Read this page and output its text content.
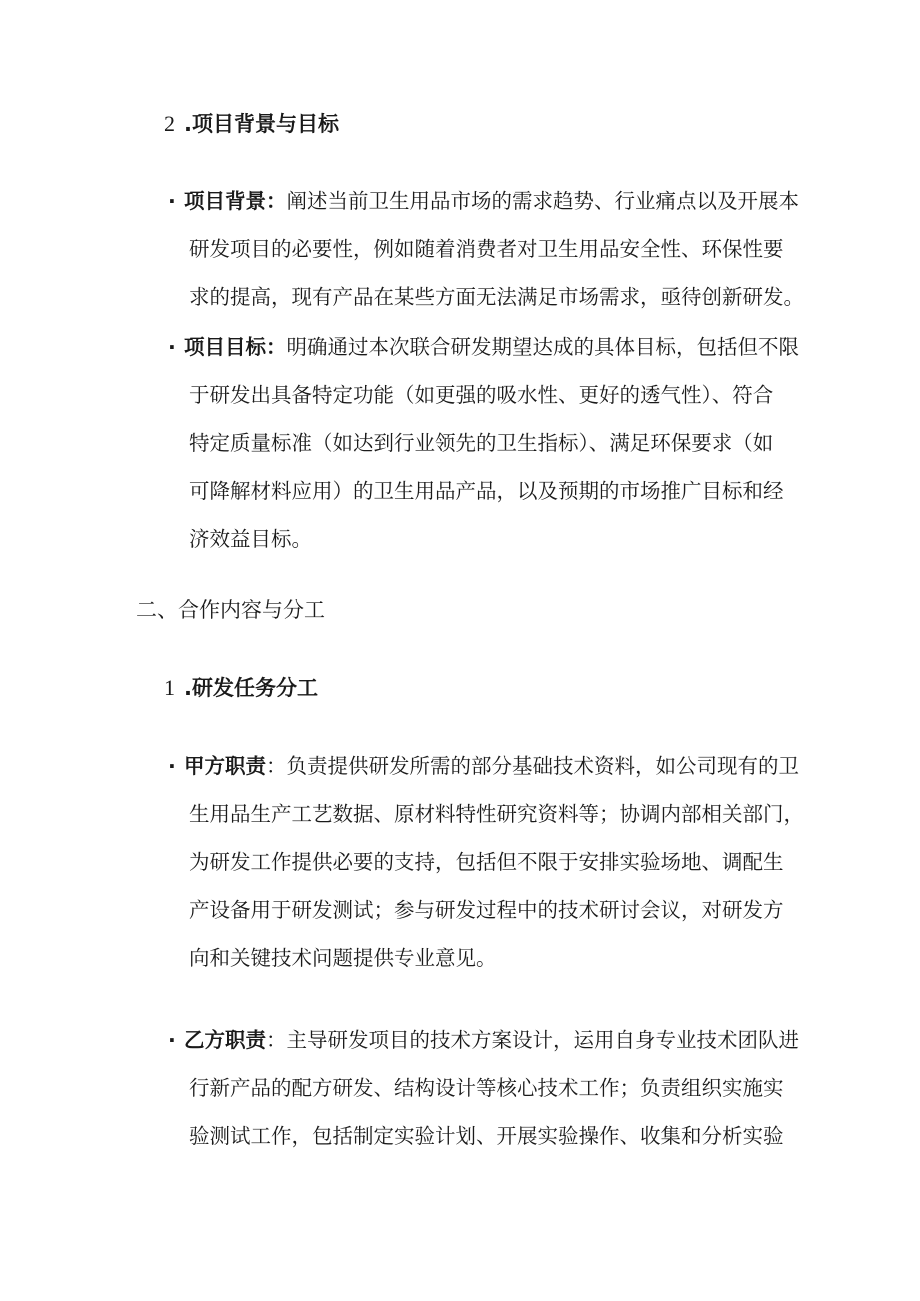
2 .项目背景与目标
· 项目背景：阐述当前卫生用品市场的需求趋势、行业痛点以及开展本
研发项目的必要性，例如随着消费者对卫生用品安全性、环保性要
求的提高，现有产品在某些方面无法满足市场需求，亟待创新研发。
· 项目目标：明确通过本次联合研发期望达成的具体目标，包括但不限
于研发出具备特定功能（如更强的吸水性、更好的透气性）、符合
特定质量标准（如达到行业领先的卫生指标）、满足环保要求（如
可降解材料应用）的卫生用品产品，以及预期的市场推广目标和经
济效益目标。
二、合作内容与分工
1 .研发任务分工
· 甲方职责：负责提供研发所需的部分基础技术资料，如公司现有的卫
生用品生产工艺数据、原材料特性研究资料等；协调内部相关部门，
为研发工作提供必要的支持，包括但不限于安排实验场地、调配生
产设备用于研发测试；参与研发过程中的技术研讨会议，对研发方
向和关键技术问题提供专业意见。
· 乙方职责：主导研发项目的技术方案设计，运用自身专业技术团队进
行新产品的配方研发、结构设计等核心技术工作；负责组织实施实
验测试工作，包括制定实验计划、开展实验操作、收集和分析实验
